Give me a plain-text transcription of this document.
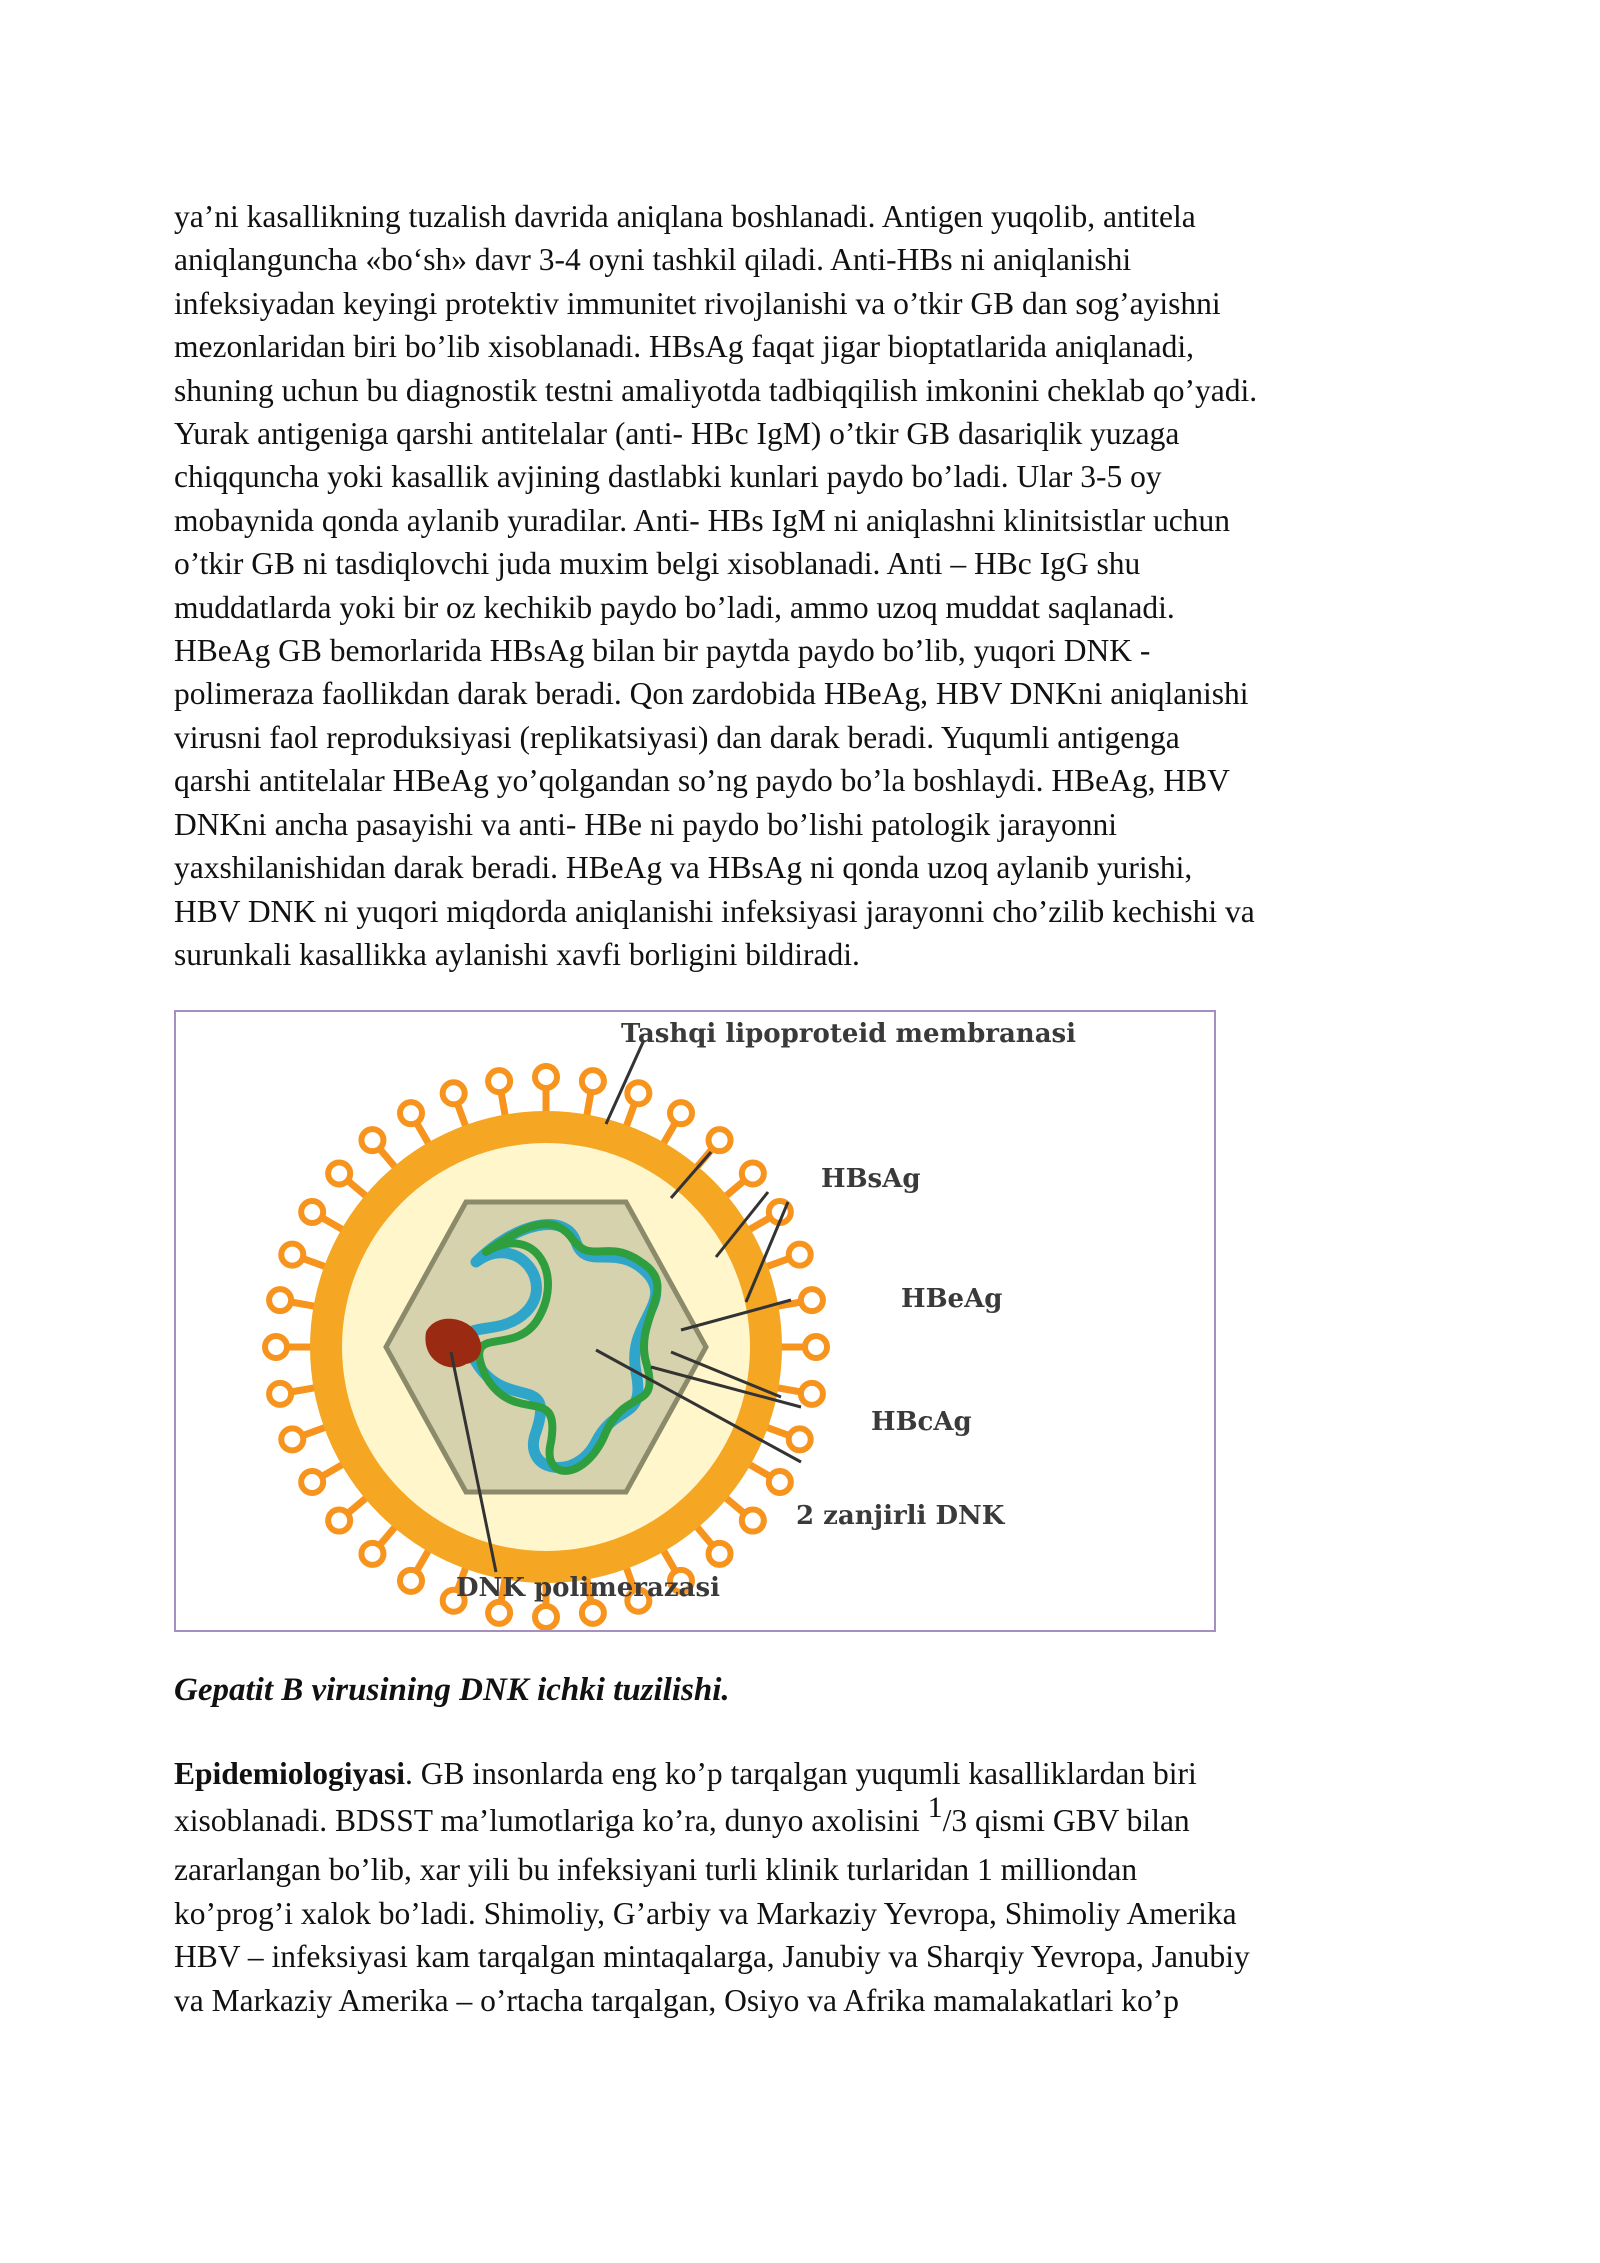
ya’ni kasallikning tuzalish davrida aniqlana boshlanadi. Antigen yuqolib, antitela
aniqlanguncha «bo‘sh» davr 3-4 oyni tashkil qiladi. Anti-HBs ni aniqlanishi
infeksiyadan keyingi protektiv immunitet rivojlanishi va o’tkir GB dan sog’ayishni
mezonlaridan biri bo’lib xisoblanadi. HBsAg faqat jigar bioptatlarida aniqlanadi,
shuning uchun bu diagnostik testni amaliyotda tadbiqqilish imkonini cheklab qo’yadi.
Yurak antigeniga qarshi antitelalar (anti- HBc IgM) o’tkir GB dasariqlik yuzaga
chiqquncha yoki kasallik avjining dastlabki kunlari paydo bo’ladi. Ular 3-5 oy
mobaynida qonda aylanib yuradilar. Anti- HBs IgM ni aniqlashni klinitsistlar uchun
o’tkir GB ni tasdiqlovchi juda muxim belgi xisoblanadi. Anti – HBc IgG shu
muddatlarda yoki bir oz kechikib paydo bo’ladi, ammo uzoq muddat saqlanadi.
HBeAg GB bemorlarida HBsAg bilan bir paytda paydo bo’lib, yuqori DNK -
polimeraza faollikdan darak beradi. Qon zardobida HBeAg, HBV DNKni aniqlanishi
virusni faol reproduksiyasi (replikatsiyasi) dan darak beradi. Yuqumli antigenga
qarshi antitelalar HBeAg yo’qolgandan so’ng paydo bo’la boshlaydi. HBeAg, HBV
DNKni ancha pasayishi va anti- HBe ni paydo bo’lishi patologik jarayonni
yaxshilanishidan darak beradi. HBeAg va HBsAg ni qonda uzoq aylanib yurishi,
HBV DNK ni yuqori miqdorda aniqlanishi infeksiyasi jarayonni cho’zilib kechishi va
surunkali kasallikka aylanishi xavfi borligini bildiradi.

Tashqi lipoproteid membranasi
HBsAg
HBeAg
HBcAg
2 zanjirli DNK
DNK polimerazasi

Gepatit B virusining DNK ichki tuzilishi.

Epidemiologiyasi. GB insonlarda eng ko’p tarqalgan yuqumli kasalliklardan biri
xisoblanadi. BDSST ma’lumotlariga ko’ra, dunyo axolisini 1/3 qismi GBV bilan
zararlangan bo’lib, xar yili bu infeksiyani turli klinik turlaridan 1 milliondan
ko’prog’i xalok bo’ladi. Shimoliy, G’arbiy va Markaziy Yevropa, Shimoliy Amerika
HBV – infeksiyasi kam tarqalgan mintaqalarga, Janubiy va Sharqiy Yevropa, Janubiy
va Markaziy Amerika – o’rtacha tarqalgan, Osiyo va Afrika mamalakatlari ko’p
